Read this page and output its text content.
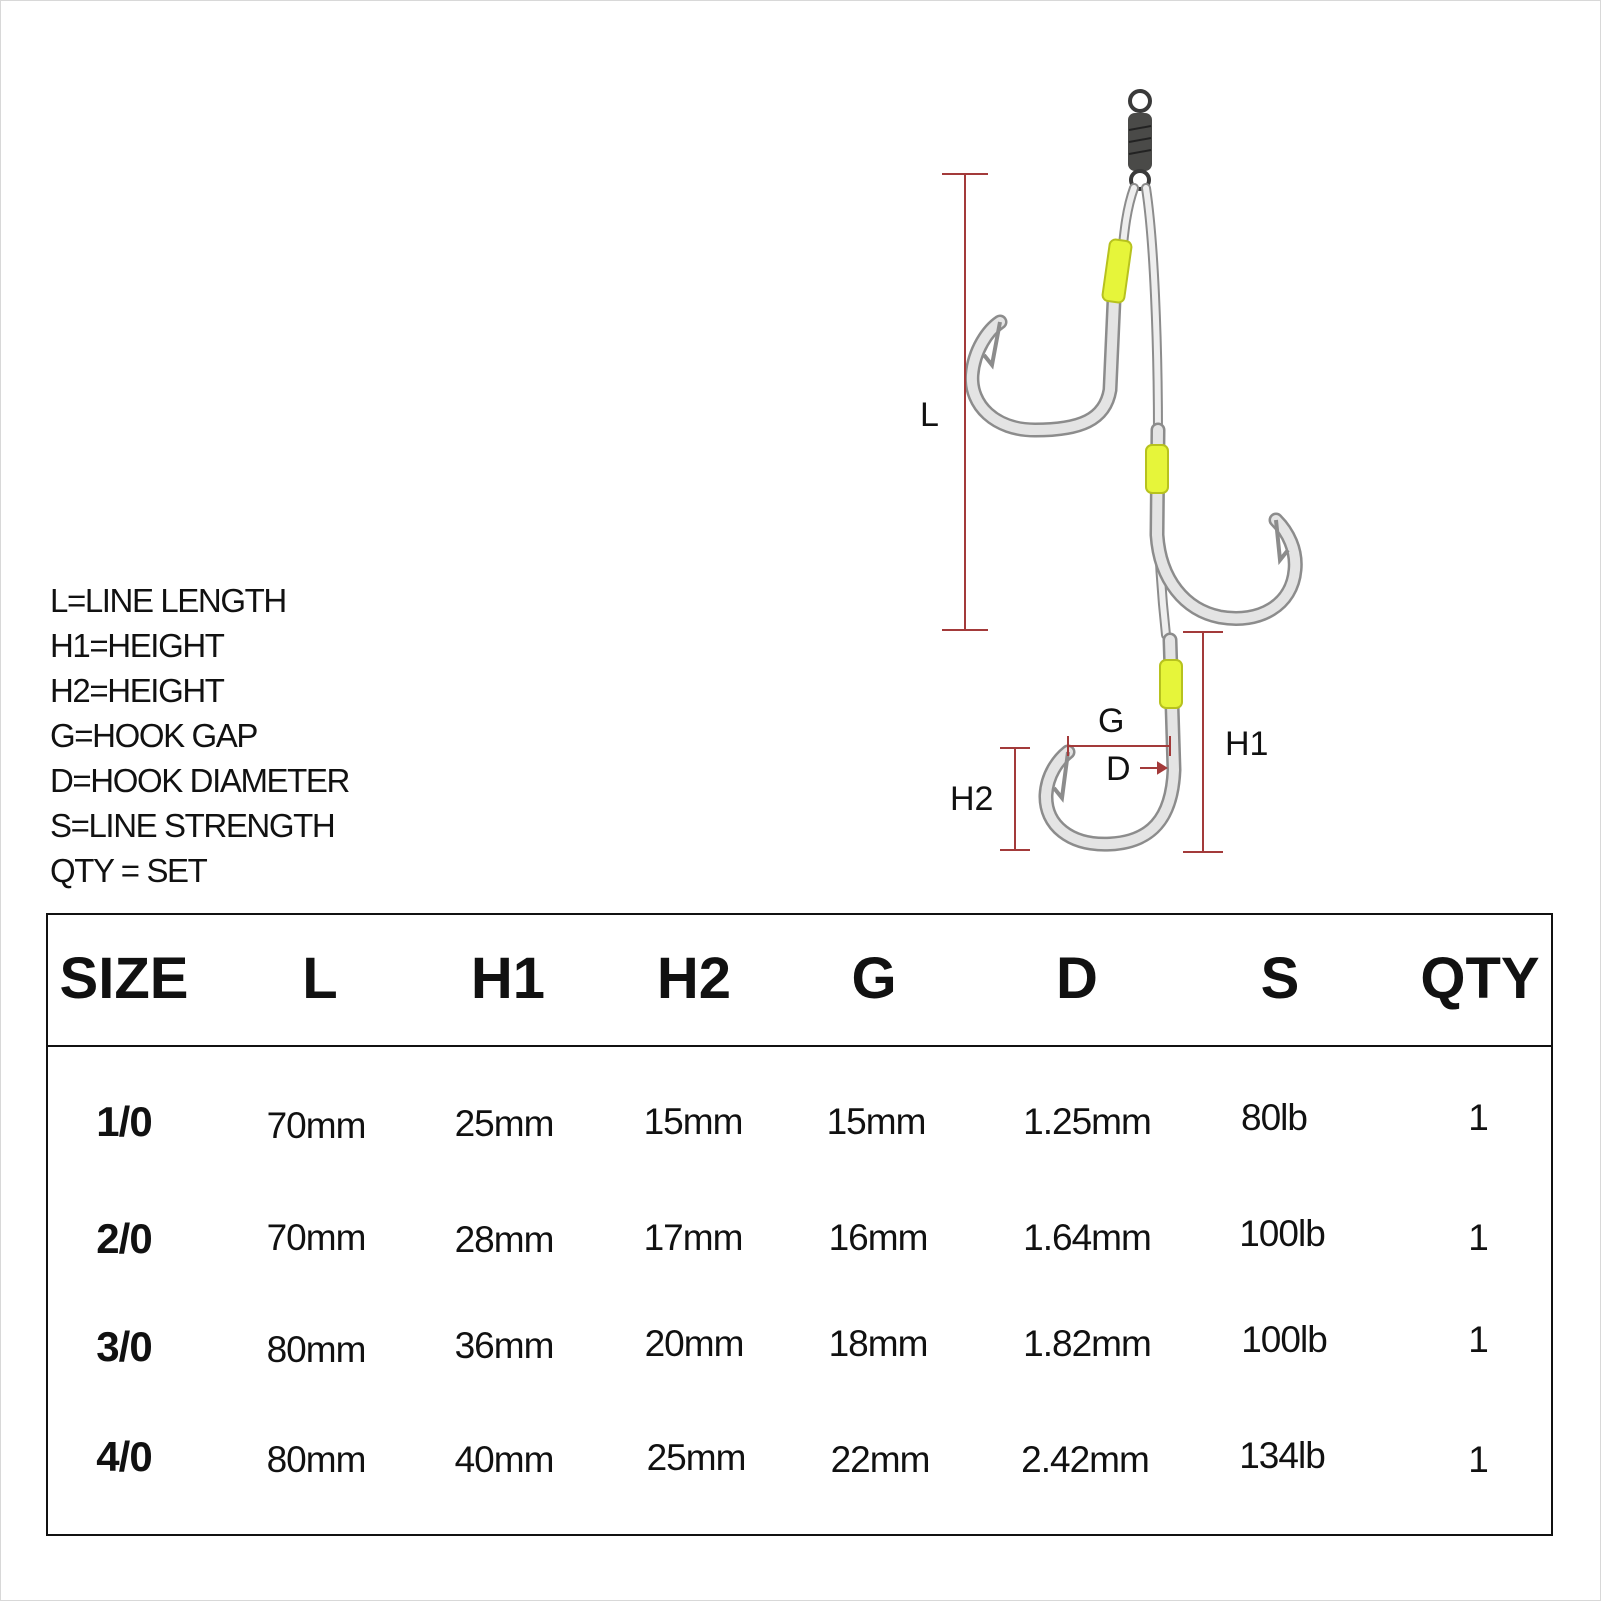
L=LINE LENGTH
H1=HEIGHT
H2=HEIGHT
G=HOOK GAP
D=HOOK DIAMETER
S=LINE STRENGTH
QTY = SET
L
H1
H2
G
D
SIZE L H1 H2 G	D	S QTY
1/0	70mm 25mm 15mm 15mm	1.25mm 80lb	1
2/0	70mm 28mm 17mm 16mm	1.64mm 100lb	1
3/0	80mm 36mm 20mm 18mm	1.82mm 100lb	1
4/0	80mm 40mm	25mm 22mm 2.42mm 134lb	1
